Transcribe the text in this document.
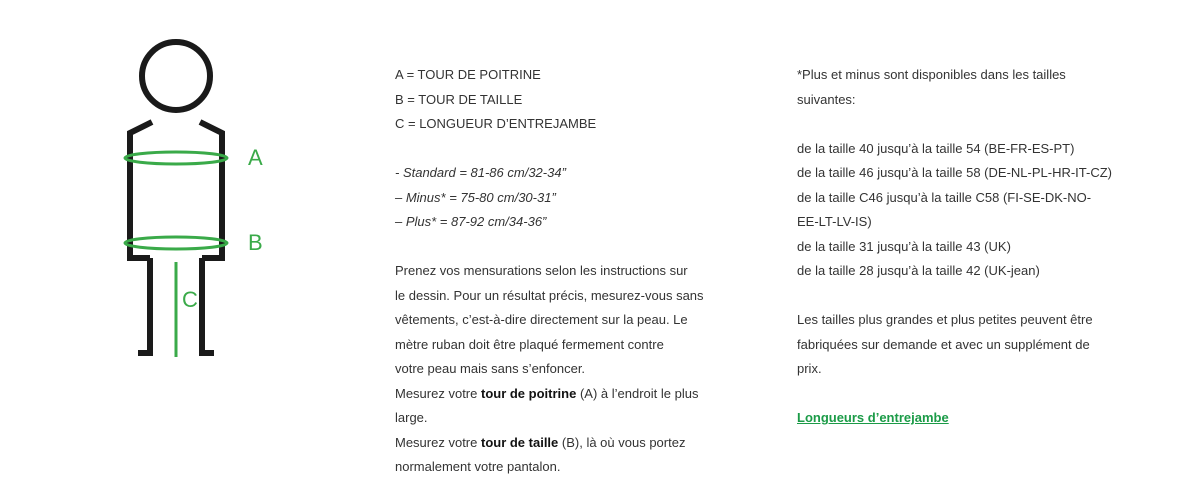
A
B
C
A = TOUR DE POITRINE
B = TOUR DE TAILLE
C = LONGUEUR D’ENTREJAMBE
- Standard = 81-86 cm/32-34”
– Minus* = 75-80 cm/30-31”
– Plus* = 87-92 cm/34-36”
Prenez vos mensurations selon les instructions sur
le dessin. Pour un résultat précis, mesurez-vous sans
vêtements, c’est-à-dire directement sur la peau. Le
mètre ruban doit être plaqué fermement contre
votre peau mais sans s’enfoncer.
Mesurez votre tour de poitrine (A) à l’endroit le plus
large.
Mesurez votre tour de taille (B), là où vous portez
normalement votre pantalon.
*Plus et minus sont disponibles dans les tailles
suivantes:
de la taille 40 jusqu’à la taille 54 (BE-FR-ES-PT)
de la taille 46 jusqu’à la taille 58 (DE-NL-PL-HR-IT-CZ)
de la taille C46 jusqu’à la taille C58 (FI-SE-DK-NO-
EE-LT-LV-IS)
de la taille 31 jusqu’à la taille 43 (UK)
de la taille 28 jusqu’à la taille 42 (UK-jean)
Les tailles plus grandes et plus petites peuvent être
fabriquées sur demande et avec un supplément de
prix.
Longueurs d’entrejambe
